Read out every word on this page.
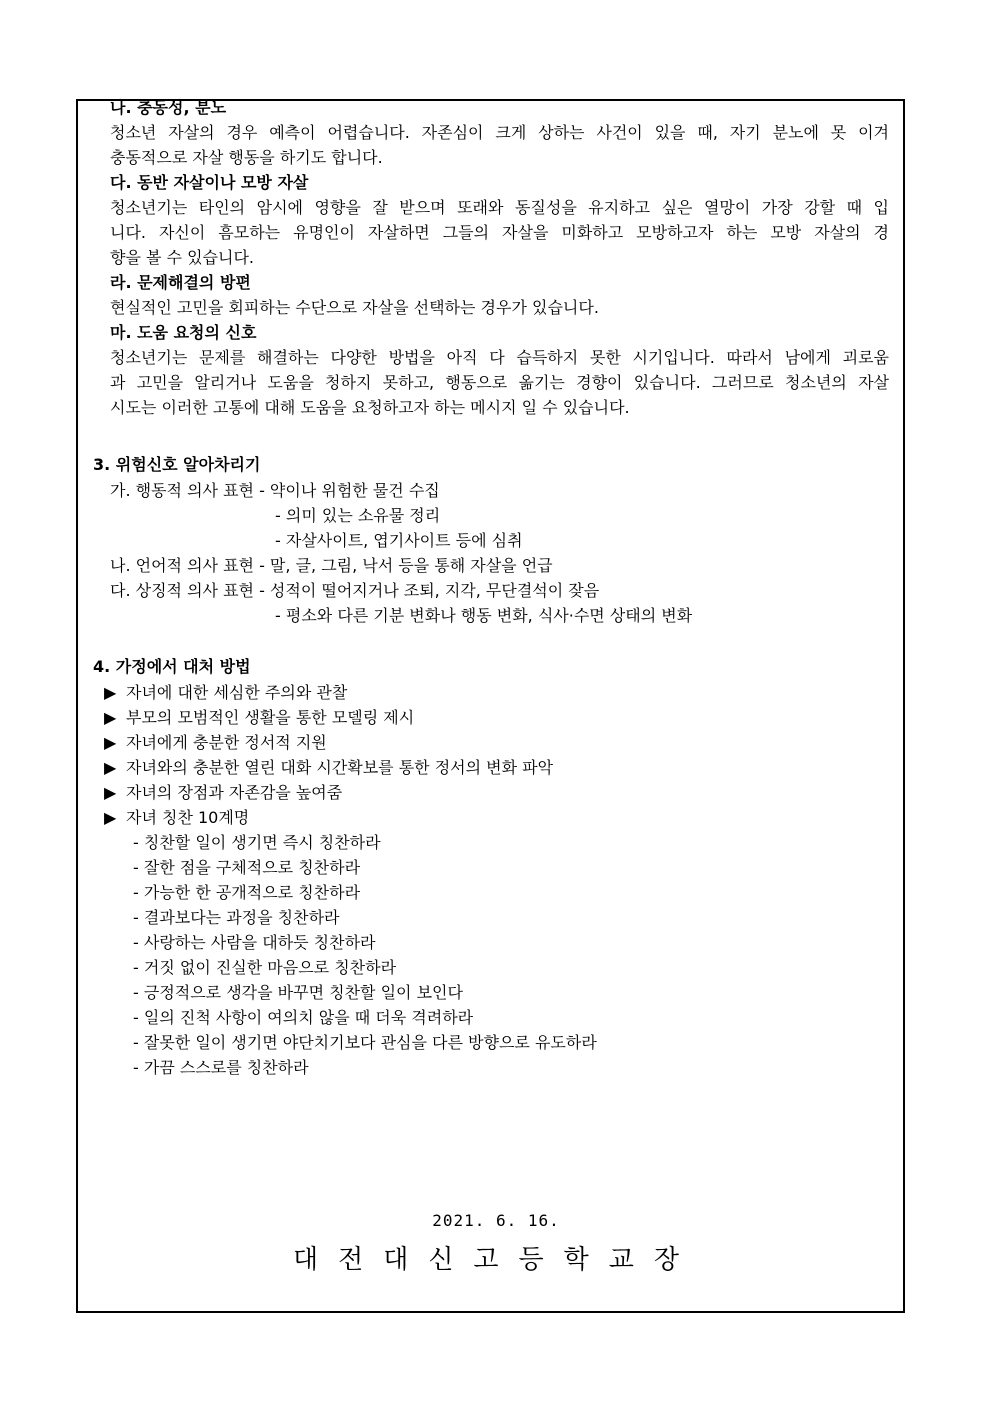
나. 충동성, 분노
청소년 자살의 경우 예측이 어렵습니다. 자존심이 크게 상하는 사건이 있을 때, 자기 분노에 못 이겨
충동적으로 자살 행동을 하기도 합니다.
다. 동반 자살이나 모방 자살
청소년기는 타인의 암시에 영향을 잘 받으며 또래와 동질성을 유지하고 싶은 열망이 가장 강할 때 입
니다. 자신이 흠모하는 유명인이 자살하면 그들의 자살을 미화하고 모방하고자 하는 모방 자살의 경
향을 볼 수 있습니다.
라. 문제해결의 방편
현실적인 고민을 회피하는 수단으로 자살을 선택하는 경우가 있습니다.
마. 도움 요청의 신호
청소년기는 문제를 해결하는 다양한 방법을 아직 다 습득하지 못한 시기입니다. 따라서 남에게 괴로움
과 고민을 알리거나 도움을 청하지 못하고, 행동으로 옮기는 경향이 있습니다. 그러므로 청소년의 자살
시도는 이러한 고통에 대해 도움을 요청하고자 하는 메시지 일 수 있습니다.
3. 위험신호 알아차리기
가. 행동적 의사 표현 - 약이나 위험한 물건 수집
- 의미 있는 소유물 정리
- 자살사이트, 엽기사이트 등에 심취
나. 언어적 의사 표현 - 말, 글, 그림, 낙서 등을 통해 자살을 언급
다. 상징적 의사 표현 - 성적이 떨어지거나 조퇴, 지각, 무단결석이 잦음
- 평소와 다른 기분 변화나 행동 변화, 식사·수면 상태의 변화
4. 가정에서 대처 방법
▶ 자녀에 대한 세심한 주의와 관찰
▶ 부모의 모범적인 생활을 통한 모델링 제시
▶ 자녀에게 충분한 정서적 지원
▶ 자녀와의 충분한 열린 대화 시간확보를 통한 정서의 변화 파악
▶ 자녀의 장점과 자존감을 높여줌
▶ 자녀 칭찬 10계명
- 칭찬할 일이 생기면 즉시 칭찬하라
- 잘한 점을 구체적으로 칭찬하라
- 가능한 한 공개적으로 칭찬하라
- 결과보다는 과정을 칭찬하라
- 사랑하는 사람을 대하듯 칭찬하라
- 거짓 없이 진실한 마음으로 칭찬하라
- 긍정적으로 생각을 바꾸면 칭찬할 일이 보인다
- 일의 진척 사항이 여의치 않을 때 더욱 격려하라
- 잘못한 일이 생기면 야단치기보다 관심을 다른 방향으로 유도하라
- 가끔 스스로를 칭찬하라
2021. 6. 16.
대전대신고등학교장
